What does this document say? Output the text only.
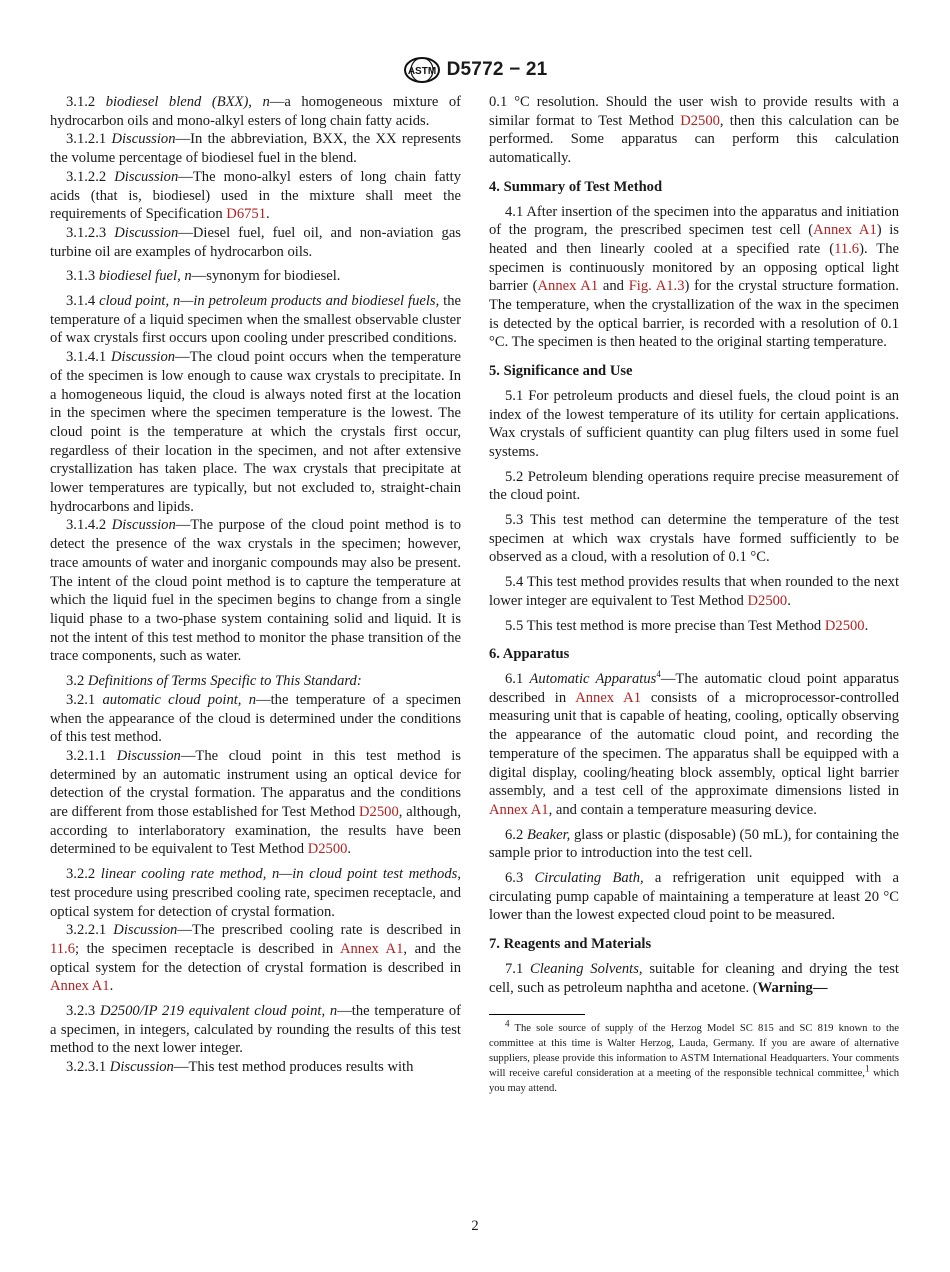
ASTM D5772 − 21

3.1.2 biodiesel blend (BXX), n—a homogeneous mixture of hydrocarbon oils and mono-alkyl esters of long chain fatty acids.

3.1.2.1 Discussion—In the abbreviation, BXX, the XX represents the volume percentage of biodiesel fuel in the blend.

3.1.2.2 Discussion—The mono-alkyl esters of long chain fatty acids (that is, biodiesel) used in the mixture shall meet the requirements of Specification D6751.

3.1.2.3 Discussion—Diesel fuel, fuel oil, and non-aviation gas turbine oil are examples of hydrocarbon oils.

3.1.3 biodiesel fuel, n—synonym for biodiesel.

3.1.4 cloud point, n—in petroleum products and biodiesel fuels, the temperature of a liquid specimen when the smallest observable cluster of wax crystals first occurs upon cooling under prescribed conditions.

3.1.4.1 Discussion—The cloud point occurs when the temperature of the specimen is low enough to cause wax crystals to precipitate. In a homogeneous liquid, the cloud is always noted first at the location in the specimen where the specimen temperature is the lowest. The cloud point is the temperature at which the crystals first occur, regardless of their location in the specimen, and not after extensive crystallization has taken place. The wax crystals that precipitate at lower temperatures are typically, but not excluded to, straight-chain hydrocarbons and lipids.

3.1.4.2 Discussion—The purpose of the cloud point method is to detect the presence of the wax crystals in the specimen; however, trace amounts of water and inorganic compounds may also be present. The intent of the cloud point method is to capture the temperature at which the liquid fuel in the specimen begins to change from a single liquid phase to a two-phase system containing solid and liquid. It is not the intent of this test method to monitor the phase transition of the trace components, such as water.

3.2 Definitions of Terms Specific to This Standard:

3.2.1 automatic cloud point, n—the temperature of a specimen when the appearance of the cloud is determined under the conditions of this test method.

3.2.1.1 Discussion—The cloud point in this test method is determined by an automatic instrument using an optical device for detection of the crystal formation. The apparatus and the conditions are different from those established for Test Method D2500, although, according to interlaboratory examination, the results have been determined to be equivalent to Test Method D2500.

3.2.2 linear cooling rate method, n—in cloud point test methods, test procedure using prescribed cooling rate, specimen receptacle, and optical system for detection of crystal formation.

3.2.2.1 Discussion—The prescribed cooling rate is described in 11.6; the specimen receptacle is described in Annex A1, and the optical system for the detection of crystal formation is described in Annex A1.

3.2.3 D2500/IP 219 equivalent cloud point, n—the temperature of a specimen, in integers, calculated by rounding the results of this test method to the next lower integer.

3.2.3.1 Discussion—This test method produces results with

0.1 °C resolution. Should the user wish to provide results with a similar format to Test Method D2500, then this calculation can be performed. Some apparatus can perform this calculation automatically.

4. Summary of Test Method

4.1 After insertion of the specimen into the apparatus and initiation of the program, the prescribed specimen test cell (Annex A1) is heated and then linearly cooled at a specified rate (11.6). The specimen is continuously monitored by an opposing optical light barrier (Annex A1 and Fig. A1.3) for the crystal structure formation. The temperature, when the crystallization of the wax in the specimen is detected by the optical barrier, is recorded with a resolution of 0.1 °C. The specimen is then heated to the original starting temperature.

5. Significance and Use

5.1 For petroleum products and diesel fuels, the cloud point is an index of the lowest temperature of its utility for certain applications. Wax crystals of sufficient quantity can plug filters used in some fuel systems.

5.2 Petroleum blending operations require precise measurement of the cloud point.

5.3 This test method can determine the temperature of the test specimen at which wax crystals have formed sufficiently to be observed as a cloud, with a resolution of 0.1 °C.

5.4 This test method provides results that when rounded to the next lower integer are equivalent to Test Method D2500.

5.5 This test method is more precise than Test Method D2500.

6. Apparatus

6.1 Automatic Apparatus$^4$—The automatic cloud point apparatus described in Annex A1 consists of a microprocessor-controlled measuring unit that is capable of heating, cooling, optically observing the appearance of the automatic cloud point, and recording the temperature of the specimen. The apparatus shall be equipped with a digital display, cooling/heating block assembly, optical light barrier assembly, and a test cell of the approximate dimensions listed in Annex A1, and contain a temperature measuring device.

6.2 Beaker, glass or plastic (disposable) (50 mL), for containing the sample prior to introduction into the test cell.

6.3 Circulating Bath, a refrigeration unit equipped with a circulating pump capable of maintaining a temperature at least 20 °C lower than the lowest expected cloud point to be measured.

7. Reagents and Materials

7.1 Cleaning Solvents, suitable for cleaning and drying the test cell, such as petroleum naphtha and acetone. (Warning—

$^4$ The sole source of supply of the Herzog Model SC 815 and SC 819 known to the committee at this time is Walter Herzog, Lauda, Germany. If you are aware of alternative suppliers, please provide this information to ASTM International Headquarters. Your comments will receive careful consideration at a meeting of the responsible technical committee,$^1$ which you may attend.

2
